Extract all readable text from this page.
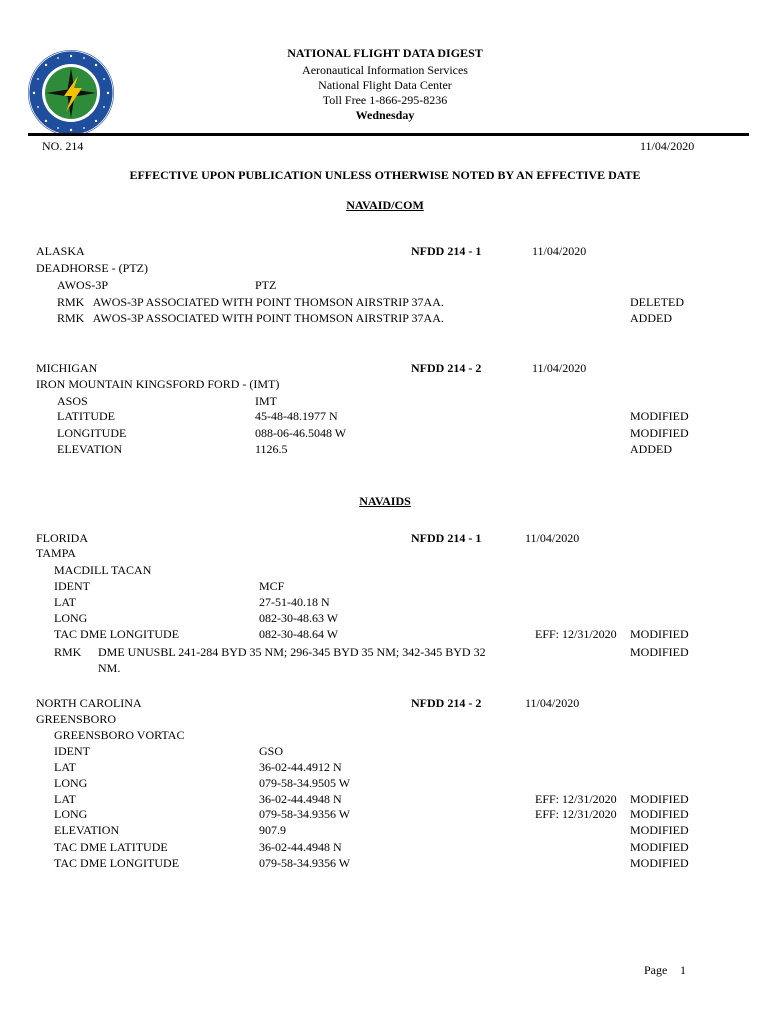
NATIONAL FLIGHT DATA DIGEST
Aeronautical Information Services
National Flight Data Center
Toll Free 1-866-295-8236
Wednesday
NO. 214	11/04/2020
EFFECTIVE UPON PUBLICATION UNLESS OTHERWISE NOTED BY AN EFFECTIVE DATE
NAVAID/COM
ALASKA	NFDD 214 - 1	11/04/2020
DEADHORSE - (PTZ)
AWOS-3P	PTZ
RMK   AWOS-3P ASSOCIATED WITH POINT THOMSON AIRSTRIP 37AA.	DELETED
RMK   AWOS-3P ASSOCIATED WITH POINT THOMSON AIRSTRIP 37AA.	ADDED
MICHIGAN	NFDD 214 - 2	11/04/2020
IRON MOUNTAIN KINGSFORD FORD - (IMT)
ASOS	IMT
LATITUDE	45-48-48.1977 N	MODIFIED
LONGITUDE	088-06-46.5048 W	MODIFIED
ELEVATION	1126.5	ADDED
NAVAIDS
FLORIDA	NFDD 214 - 1	11/04/2020
TAMPA
MACDILL TACAN
IDENT	MCF
LAT	27-51-40.18 N
LONG	082-30-48.63 W
TAC DME LONGITUDE	082-30-48.64 W	EFF: 12/31/2020 MODIFIED
RMK DME UNUSBL 241-284 BYD 35 NM; 296-345 BYD 35 NM; 342-345 BYD 32
NM.
MODIFIED
NORTH CAROLINA	NFDD 214 - 2	11/04/2020
GREENSBORO
GREENSBORO VORTAC
IDENT	GSO
LAT	36-02-44.4912 N
LONG	079-58-34.9505 W
LAT	36-02-44.4948 N	EFF: 12/31/2020 MODIFIED
LONG	079-58-34.9356 W	EFF: 12/31/2020 MODIFIED
ELEVATION	907.9	MODIFIED
TAC DME LATITUDE	36-02-44.4948 N	MODIFIED
TAC DME LONGITUDE	079-58-34.9356 W	MODIFIED
Page 1
